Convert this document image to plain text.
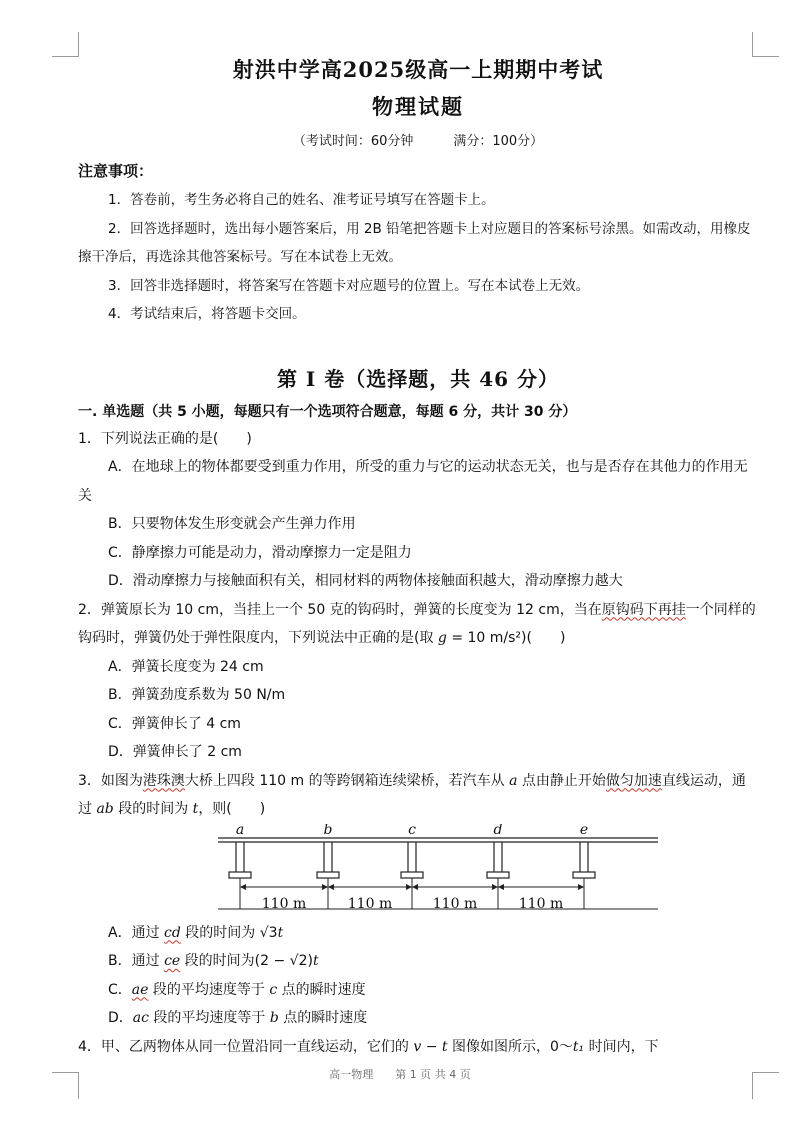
射洪中学高2025级高一上期期中考试
物理试题
（考试时间：60分钟	满分：100分）
注意事项：
1．答卷前，考生务必将自己的姓名、准考证号填写在答题卡上。
2．回答选择题时，选出每小题答案后，用 2B 铅笔把答题卡上对应题目的答案标号涂黑。如需改动，用橡皮擦干净后，再选涂其他答案标号。写在本试卷上无效。
3．回答非选择题时，将答案写在答题卡对应题号的位置上。写在本试卷上无效。
4．考试结束后，将答题卡交回。
第 I 卷（选择题，共 46 分）
一. 单选题（共 5 小题，每题只有一个选项符合题意，每题 6 分，共计 30 分）
1．下列说法正确的是(　　)
A．在地球上的物体都要受到重力作用，所受的重力与它的运动状态无关，也与是否存在其他力的作用无关
B．只要物体发生形变就会产生弹力作用
C．静摩擦力可能是动力，滑动摩擦力一定是阻力
D．滑动摩擦力与接触面积有关，相同材料的两物体接触面积越大，滑动摩擦力越大
2．弹簧原长为 10 cm，当挂上一个 50 克的钩码时，弹簧的长度变为 12 cm，当在原钩码下再挂一个同样的钩码时，弹簧仍处于弹性限度内，下列说法中正确的是(取 g = 10 m/s²)(　　)
A．弹簧长度变为 24 cm
B．弹簧劲度系数为 50 N/m
C．弹簧伸长了 4 cm
D．弹簧伸长了 2 cm
3．如图为港珠澳大桥上四段 110 m 的等跨钢箱连续梁桥，若汽车从 a 点由静止开始做匀加速直线运动，通过 ab 段的时间为 t，则(　　)
a	b	c	d	e
110 m	110 m	110 m	110 m
A．通过 cd 段的时间为 √3t
B．通过 ce 段的时间为(2 − √2)t
C．ae 段的平均速度等于 c 点的瞬时速度
D．ac 段的平均速度等于 b 点的瞬时速度
4．甲、乙两物体从同一位置沿同一直线运动，它们的 v − t 图像如图所示，0～t₁ 时间内，下
高一物理　　第 1 页 共 4 页
